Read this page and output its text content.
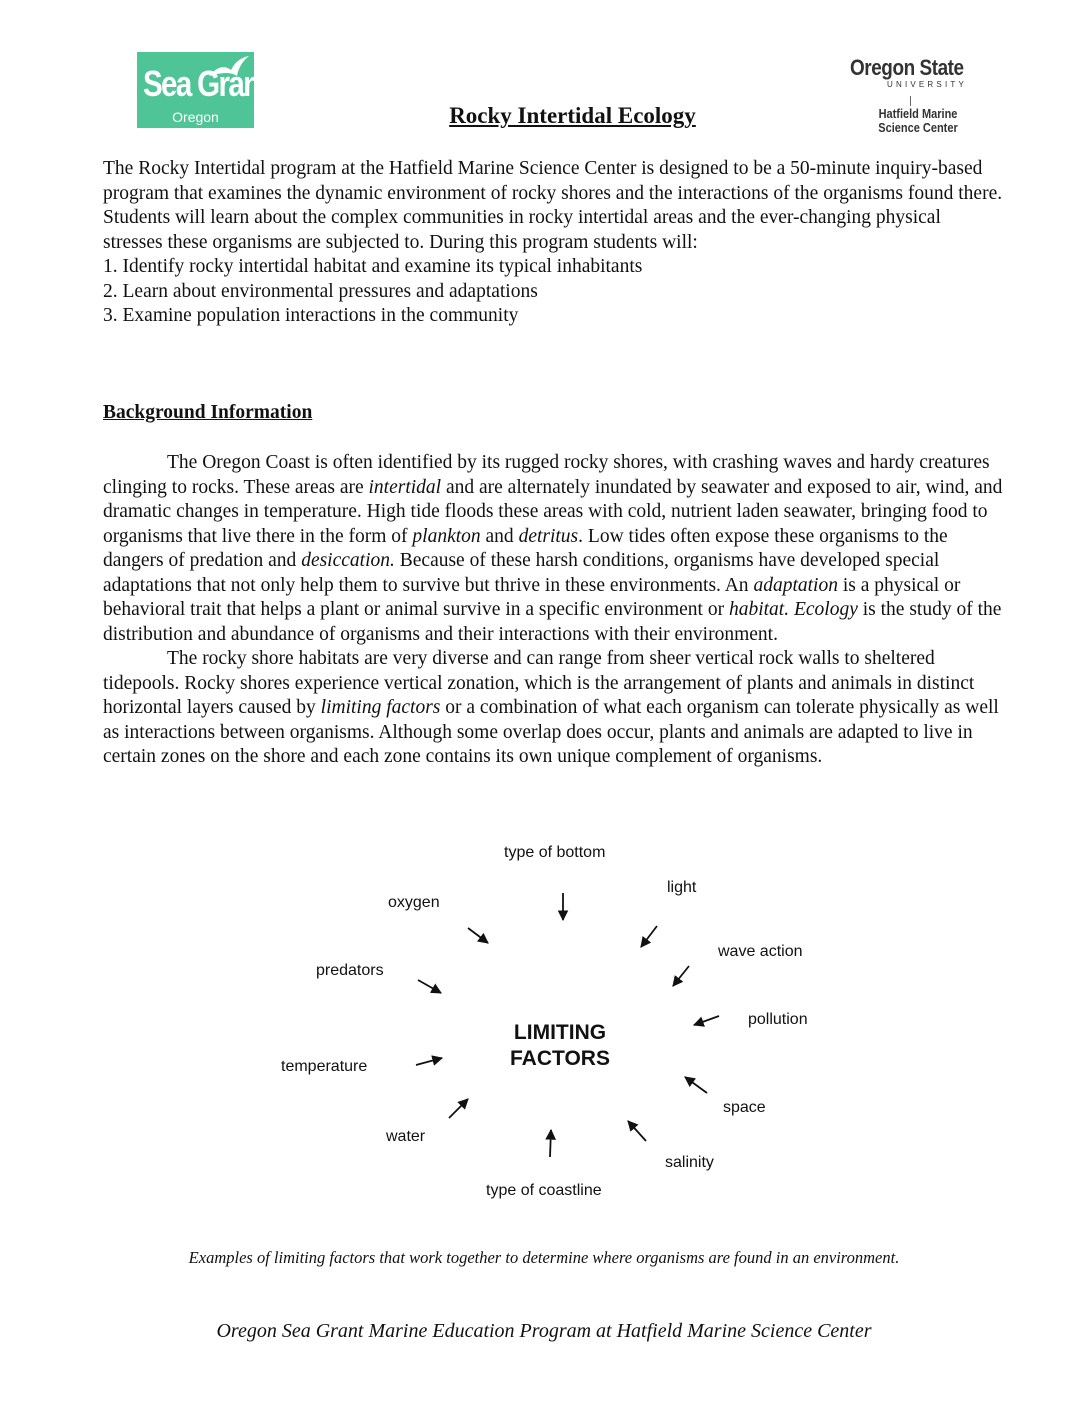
Sea Grant
Oregon
Oregon State
UNIVERSITY
Hatfield Marine Science Center
Rocky Intertidal Ecology

The Rocky Intertidal program at the Hatfield Marine Science Center is designed to be a 50-minute inquiry-based program that examines the dynamic environment of rocky shores and the interactions of the organisms found there. Students will learn about the complex communities in rocky intertidal areas and the ever-changing physical stresses these organisms are subjected to. During this program students will:

1. Identify rocky intertidal habitat and examine its typical inhabitants
2. Learn about environmental pressures and adaptations
3. Examine population interactions in the community
Background Information

The Oregon Coast is often identified by its rugged rocky shores, with crashing waves and hardy creatures clinging to rocks. These areas are intertidal and are alternately inundated by seawater and exposed to air, wind, and dramatic changes in temperature. High tide floods these areas with cold, nutrient laden seawater, bringing food to organisms that live there in the form of plankton and detritus. Low tides often expose these organisms to the dangers of predation and desiccation. Because of these harsh conditions, organisms have developed special adaptations that not only help them to survive but thrive in these environments. An adaptation is a physical or behavioral trait that helps a plant or animal survive in a specific environment or habitat. Ecology is the study of the distribution and abundance of organisms and their interactions with their environment.

The rocky shore habitats are very diverse and can range from sheer vertical rock walls to sheltered tidepools. Rocky shores experience vertical zonation, which is the arrangement of plants and animals in distinct horizontal layers caused by limiting factors or a combination of what each organism can tolerate physically as well as interactions between organisms. Although some overlap does occur, plants and animals are adapted to live in certain zones on the shore and each zone contains its own unique complement of organisms.

type of bottom
light
wave action
pollution
space
salinity
type of coastline
water
temperature
predators
oxygen
LIMITING
FACTORS
Examples of limiting factors that work together to determine where organisms are found in an environment.
Oregon Sea Grant Marine Education Program at Hatfield Marine Science Center
